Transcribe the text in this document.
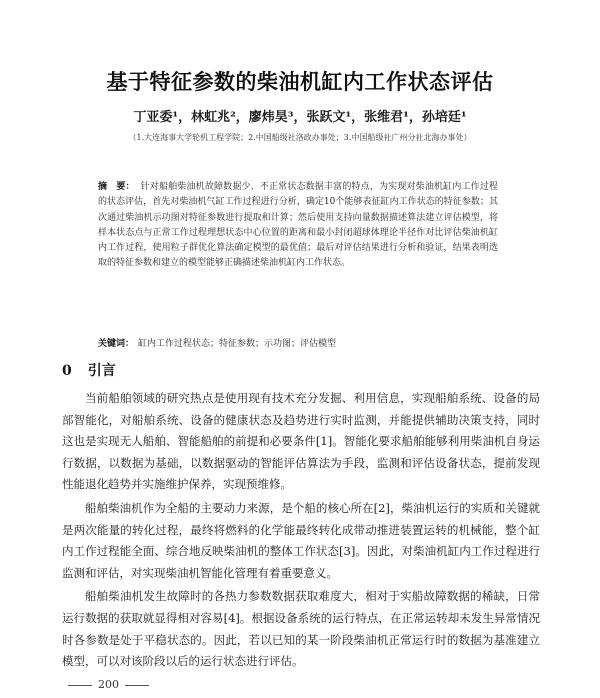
基于特征参数的柴油机缸内工作状态评估
丁亚委¹，林虹兆²，廖炜昊³，张跃文¹，张维君¹，孙培廷¹
（1.大连海事大学轮机工程学院；2.中国船级社洛政办事处；3.中国船级社广州分社北海办事处）
摘　要： 针对船舶柴油机故障数据少、不正常状态数据丰富的特点，为实现对柴油机缸内工作过程的状态评估，首先对柴油机气缸工作过程进行分析，确定10个能够表征缸内工作状态的特征参数；其次通过柴油机示功图对特征参数进行提取和计算；然后使用支持向量数据描述算法建立评估模型，将样本状态点与正常工作过程理想状态中心位置的距离和最小封闭超球体理论半径作对比评估柴油机缸内工作过程，使用粒子群优化算法确定模型的最优值；最后对评估结果进行分析和验证，结果表明选取的特征参数和建立的模型能够正确描述柴油机缸内工作状态。
关键词： 缸内工作过程状态；特征参数；示功图；评估模型
0 引言

当前船舶领域的研究热点是使用现有技术充分发掘、利用信息，实现船舶系统、设备的局部智能化，对船舶系统、设备的健康状态及趋势进行实时监测，并能提供辅助决策支持，同时这也是实现无人船舶、智能船舶的前提和必要条件[1]。智能化要求船舶能够利用柴油机自身运行数据，以数据为基础，以数据驱动的智能评估算法为手段，监测和评估设备状态，提前发现性能退化趋势并实施维护保养，实现预维修。

船舶柴油机作为全船的主要动力来源，是个船的核心所在[2]，柴油机运行的实质和关键就是两次能量的转化过程，最终将燃料的化学能最终转化成带动推进装置运转的机械能，整个缸内工作过程能全面、综合地反映柴油机的整体工作状态[3]。因此，对柴油机缸内工作过程进行监测和评估，对实现柴油机智能化管理有着重要意义。

船舶柴油机发生故障时的各热力参数数据获取难度大，相对于实船故障数据的稀缺，日常运行数据的获取就显得相对容易[4]。根据设备系统的运行特点，在正常运转却未发生异常情况时各参数是处于平稳状态的。因此，若以已知的某一阶段柴油机正常运行时的数据为基准建立模型，可以对该阶段以后的运行状态进行评估。

200
